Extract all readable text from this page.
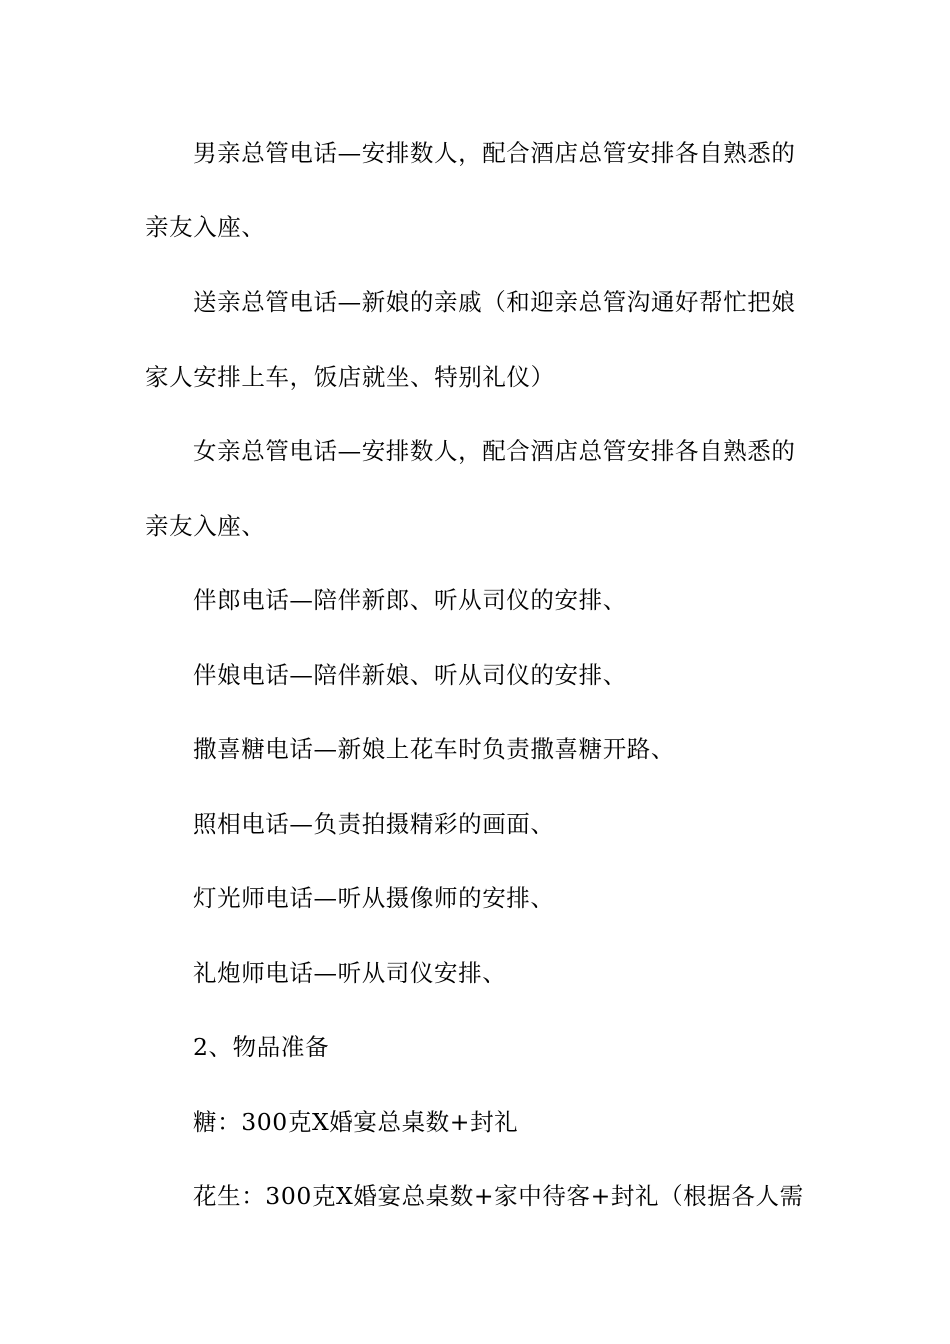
男亲总管电话—安排数人，配合酒店总管安排各自熟悉的
亲友入座、
送亲总管电话—新娘的亲戚（和迎亲总管沟通好帮忙把娘
家人安排上车，饭店就坐、特别礼仪）
女亲总管电话—安排数人，配合酒店总管安排各自熟悉的
亲友入座、
伴郎电话—陪伴新郎、听从司仪的安排、
伴娘电话—陪伴新娘、听从司仪的安排、
撒喜糖电话—新娘上花车时负责撒喜糖开路、
照相电话—负责拍摄精彩的画面、
灯光师电话—听从摄像师的安排、
礼炮师电话—听从司仪安排、
2、物品准备
糖：300克X婚宴总桌数+封礼
花生：300克X婚宴总桌数+家中待客+封礼（根据各人需
